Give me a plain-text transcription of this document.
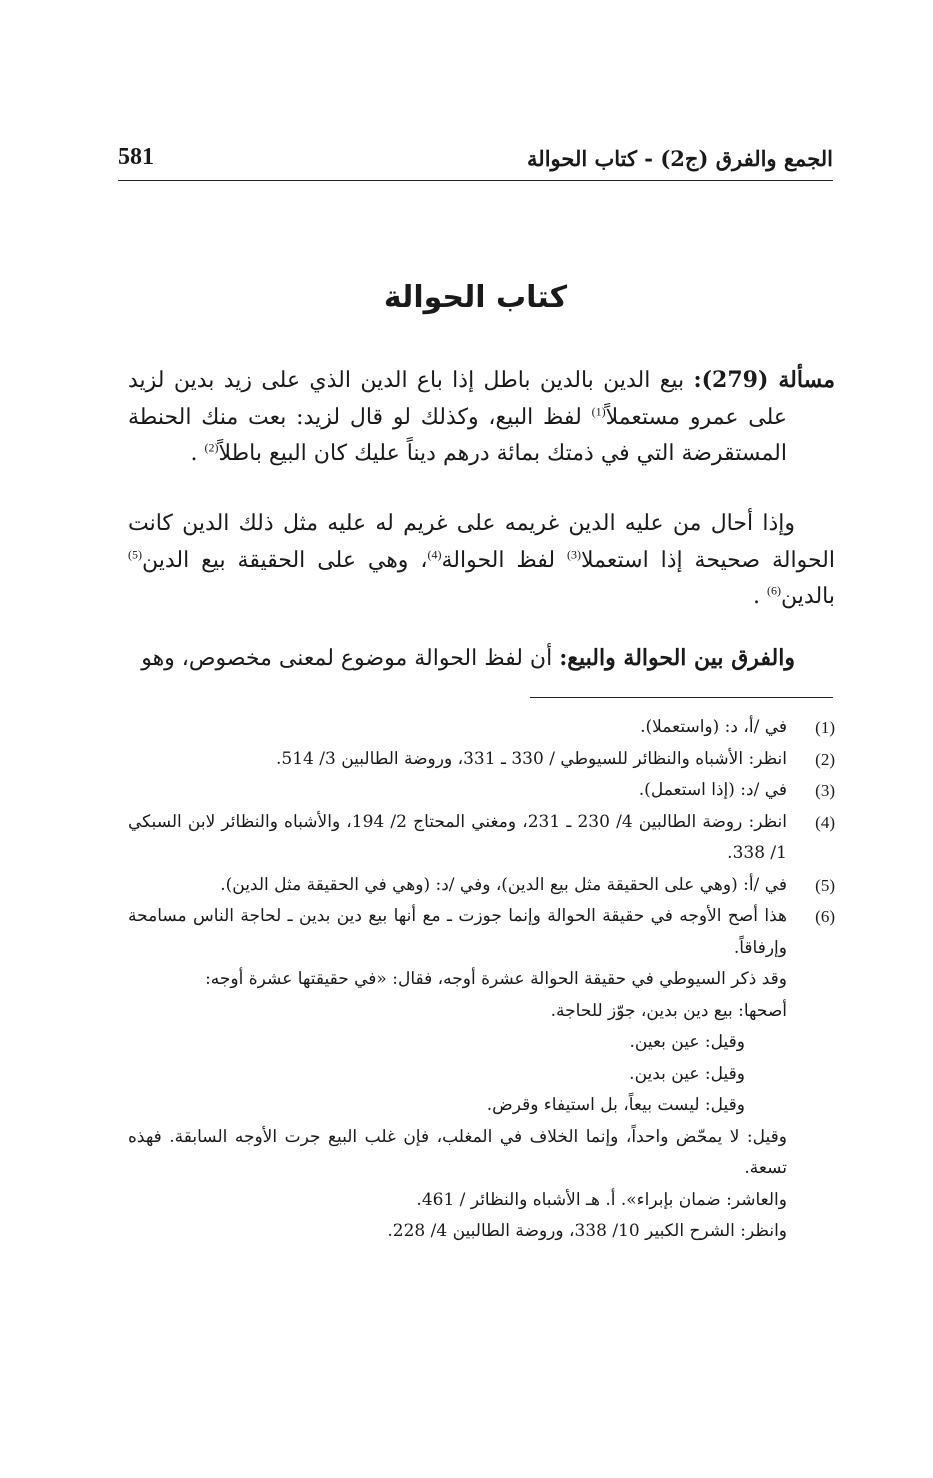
الجمع والفرق (ج2) - كتاب الحوالة
581
كتاب الحوالة

مسألة (279): بيع الدين بالدين باطل إذا باع الدين الذي على زيد بدين لزيد على عمرو مستعملاً$^{(1)}$ لفظ البيع، وكذلك لو قال لزيد: بعت منك الحنطة المستقرضة التي في ذمتك بمائة درهم ديناً عليك كان البيع باطلاً$^{(2)}$ .

وإذا أحال من عليه الدين غريمه على غريم له عليه مثل ذلك الدين كانت الحوالة صحيحة إذا استعملا$^{(3)}$ لفظ الحوالة$^{(4)}$، وهي على الحقيقة بيع الدين$^{(5)}$ بالدين$^{(6)}$ .

والفرق بين الحوالة والبيع: أن لفظ الحوالة موضوع لمعنى مخصوص، وهو

(1)
في /أ، د: (واستعملا).
(2)
انظر: الأشباه والنظائر للسيوطي / 330 ـ 331، وروضة الطالبين 3/ 514.
(3)
في /د: (إذا استعمل).
(4)
انظر: روضة الطالبين 4/ 230 ـ 231، ومغني المحتاج 2/ 194، والأشباه والنظائر لابن السبكي 1/ 338.
(5)
في /أ: (وهي على الحقيقة مثل بيع الدين)، وفي /د: (وهي في الحقيقة مثل الدين).
(6)
هذا أصح الأوجه في حقيقة الحوالة وإنما جوزت ـ مع أنها بيع دين بدين ـ لحاجة الناس مسامحة وإرفاقاً.
وقد ذكر السيوطي في حقيقة الحوالة عشرة أوجه، فقال: «في حقيقتها عشرة أوجه:
أصحها: بيع دين بدين، جوّز للحاجة.
وقيل: عين بعين.
وقيل: عين بدين.
وقيل: ليست بيعاً، بل استيفاء وقرض.
وقيل: لا يمحّض واحداً، وإنما الخلاف في المغلب، فإن غلب البيع جرت الأوجه السابقة. فهذه تسعة.
والعاشر: ضمان بإبراء». أ. هـ الأشباه والنظائر / 461.
وانظر: الشرح الكبير 10/ 338، وروضة الطالبين 4/ 228.
